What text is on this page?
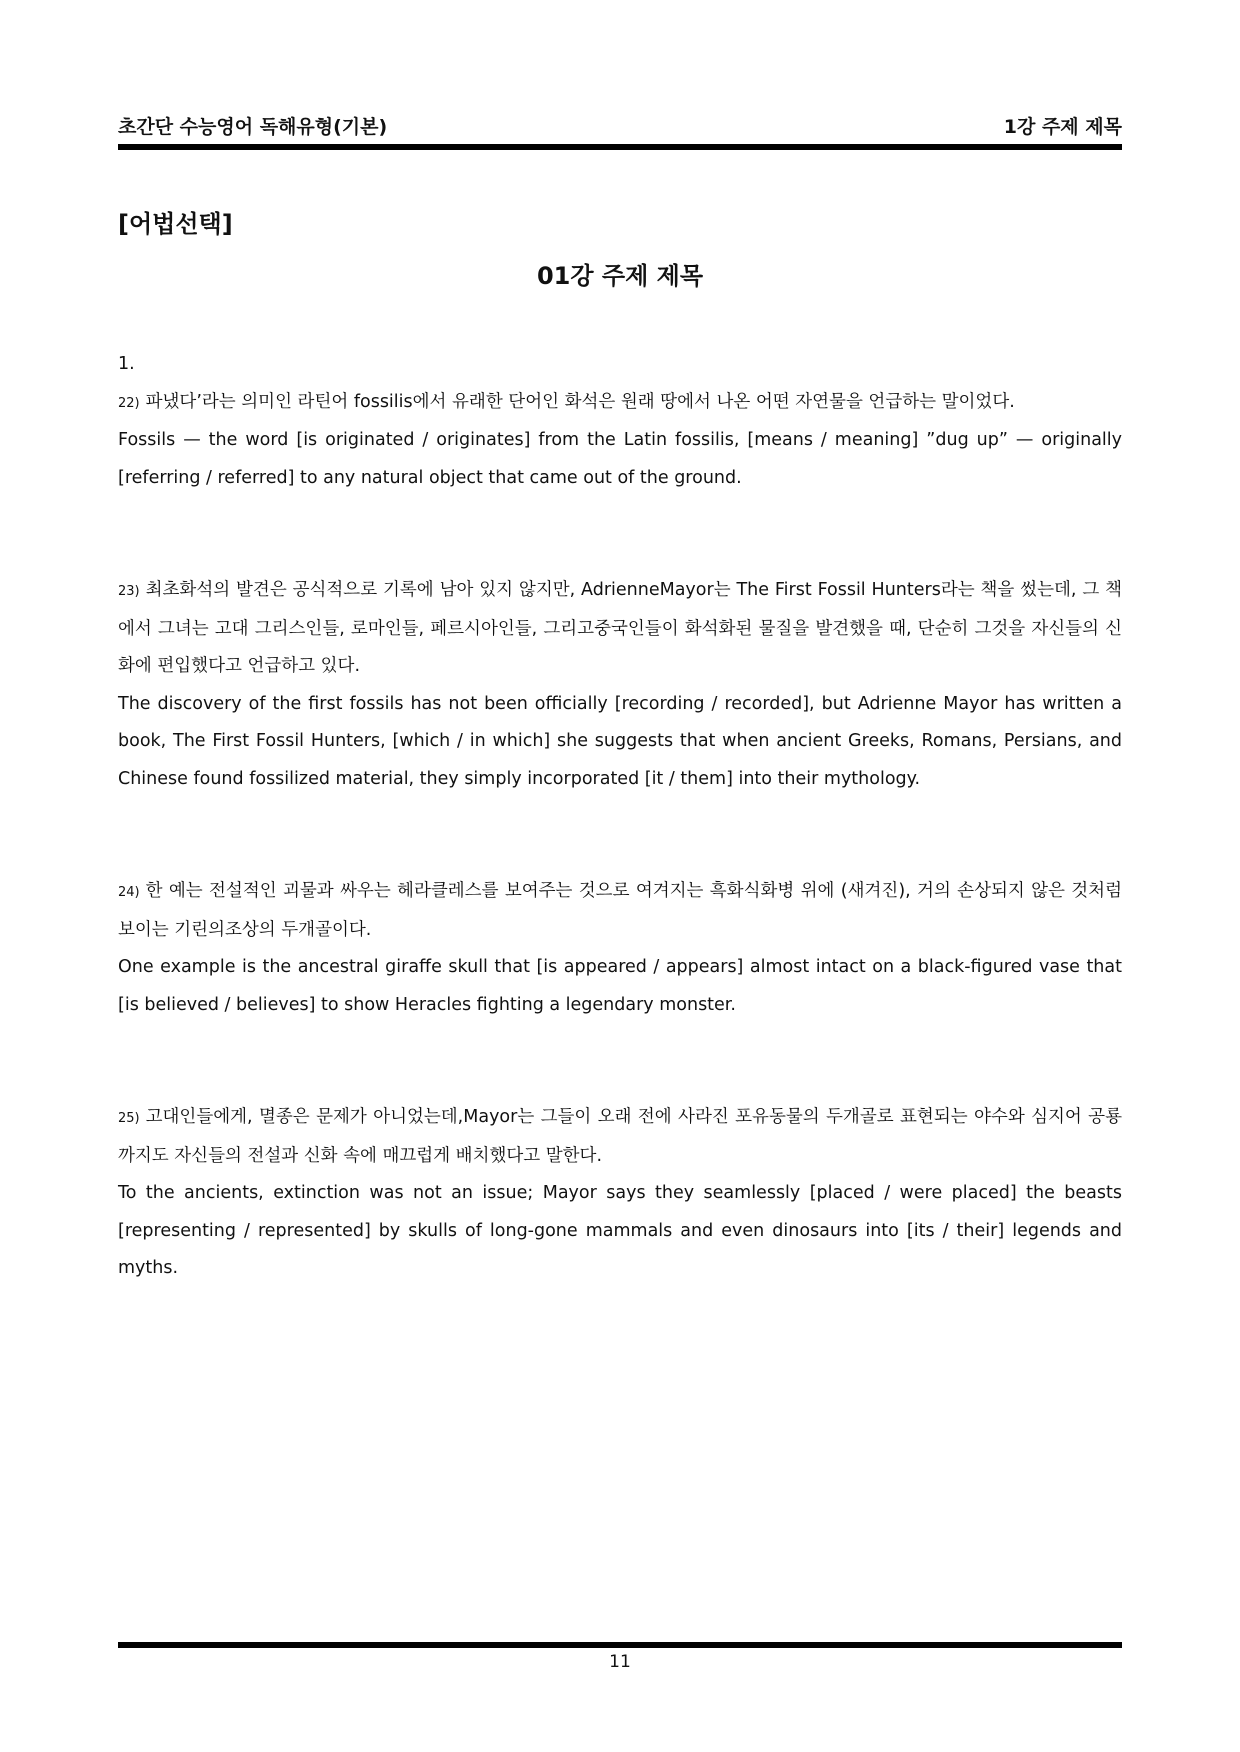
초간단 수능영어 독해유형(기본)	1강 주제 제목
[어법선택]
01강 주제 제목

1.

22) 파냈다’라는 의미인 라틴어 fossilis에서 유래한 단어인 화석은 원래 땅에서 나온 어떤 자연물을 언급하는 말이었다.

Fossils — the word [is originated / originates] from the Latin fossilis, [means / meaning] ”dug up” — originally [referring / referred] to any natural object that came out of the ground.

23) 최초화석의 발견은 공식적으로 기록에 남아 있지 않지만, AdrienneMayor는 The First Fossil Hunters라는 책을 썼는데, 그 책에서 그녀는 고대 그리스인들, 로마인들, 페르시아인들, 그리고중국인들이 화석화된 물질을 발견했을 때, 단순히 그것을 자신들의 신화에 편입했다고 언급하고 있다.

The discovery of the first fossils has not been officially [recording / recorded], but Adrienne Mayor has written a book, The First Fossil Hunters, [which / in which] she suggests that when ancient Greeks, Romans, Persians, and Chinese found fossilized material, they simply incorporated [it / them] into their mythology.

24) 한 예는 전설적인 괴물과 싸우는 헤라클레스를 보여주는 것으로 여겨지는 흑화식화병 위에 (새겨진), 거의 손상되지 않은 것처럼 보이는 기린의조상의 두개골이다.

One example is the ancestral giraffe skull that [is appeared / appears] almost intact on a black-figured vase that [is believed / believes] to show Heracles fighting a legendary monster.

25) 고대인들에게, 멸종은 문제가 아니었는데,Mayor는 그들이 오래 전에 사라진 포유동물의 두개골로 표현되는 야수와 심지어 공룡까지도 자신들의 전설과 신화 속에 매끄럽게 배치했다고 말한다.

To the ancients, extinction was not an issue; Mayor says they seamlessly [placed / were placed] the beasts [representing / represented] by skulls of long-gone mammals and even dinosaurs into [its / their] legends and myths.

11
